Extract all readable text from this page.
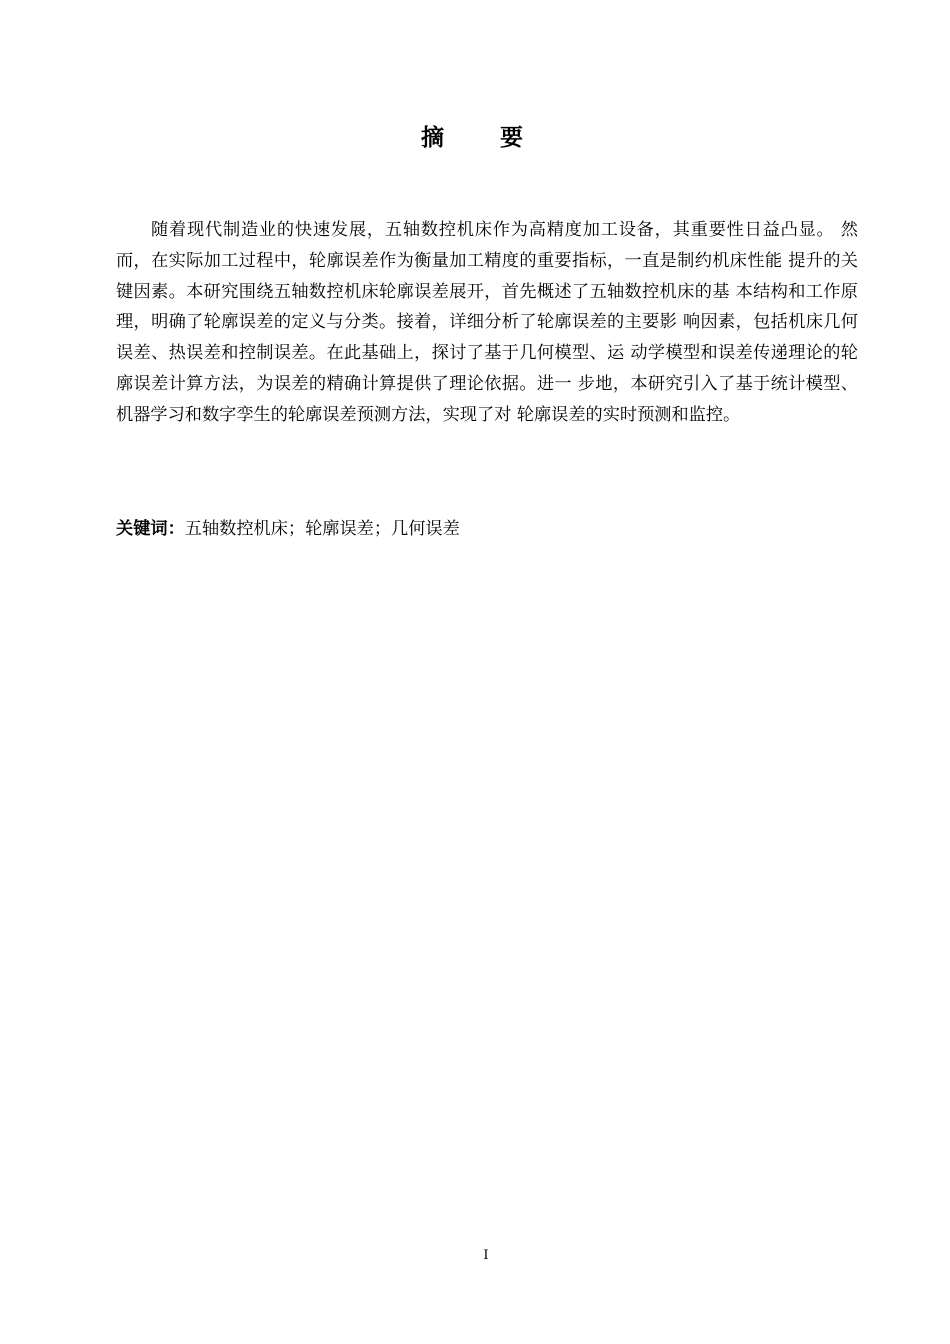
摘 要

随着现代制造业的快速发展，五轴数控机床作为高精度加工设备，其重要性日益凸显。 然而，在实际加工过程中，轮廓误差作为衡量加工精度的重要指标，一直是制约机床性能 提升的关键因素。本研究围绕五轴数控机床轮廓误差展开，首先概述了五轴数控机床的基 本结构和工作原理，明确了轮廓误差的定义与分类。接着，详细分析了轮廓误差的主要影 响因素，包括机床几何误差、热误差和控制误差。在此基础上，探讨了基于几何模型、运 动学模型和误差传递理论的轮廓误差计算方法，为误差的精确计算提供了理论依据。进一 步地，本研究引入了基于统计模型、机器学习和数字孪生的轮廓误差预测方法，实现了对 轮廓误差的实时预测和监控。

关键词：五轴数控机床；轮廓误差；几何误差

I
